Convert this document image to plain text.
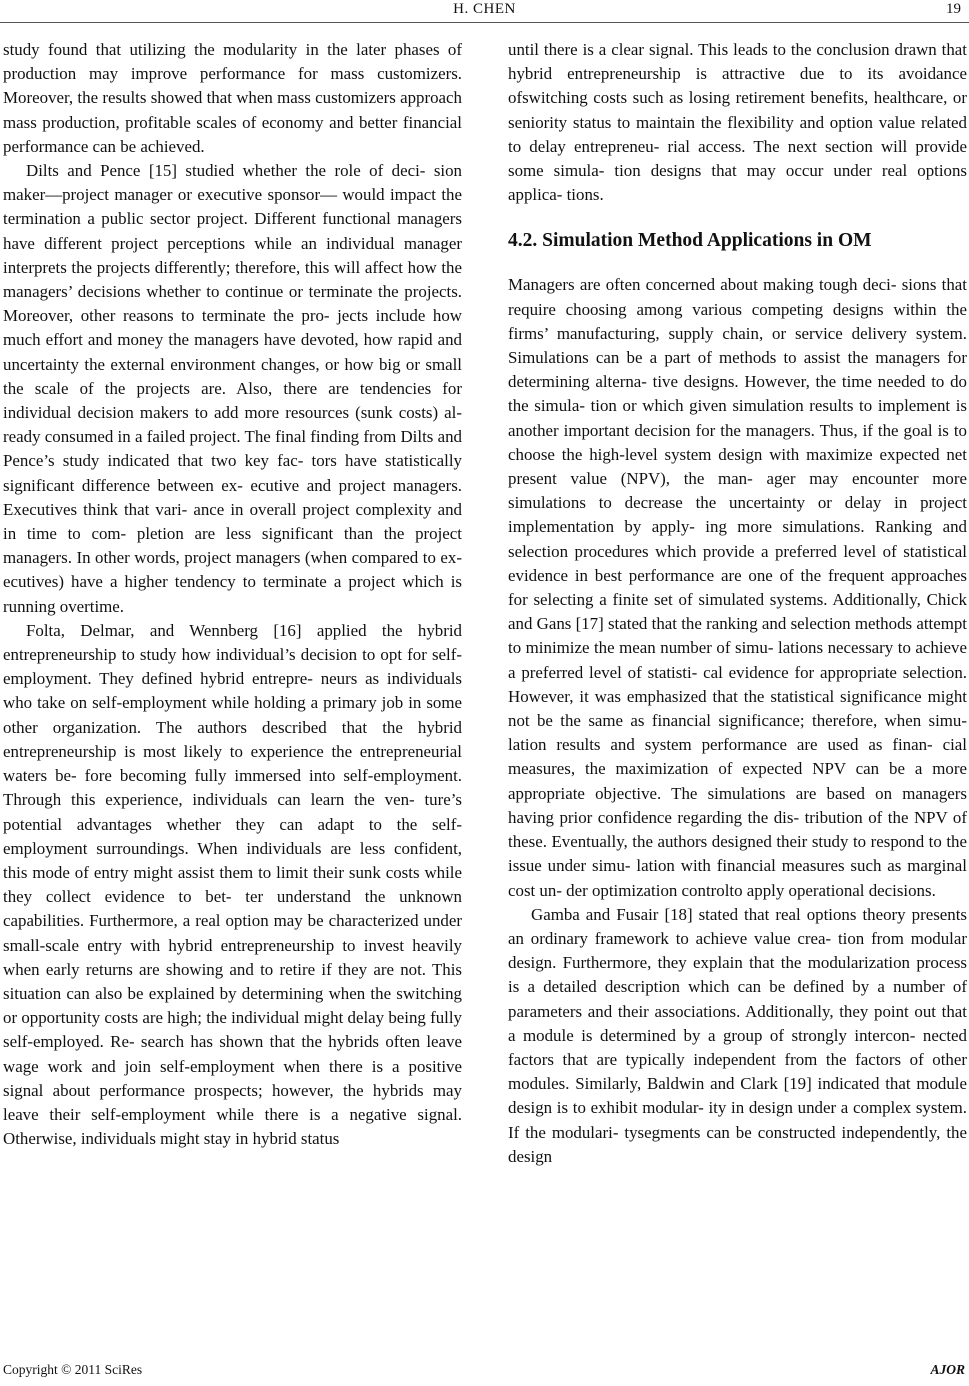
H. CHEN	19

study found that utilizing the modularity in the later phases of production may improve performance for mass customizers. Moreover, the results showed that when mass customizers approach mass production, profitable scales of economy and better financial performance can be achieved.

Dilts and Pence [15] studied whether the role of deci- sion maker—project manager or executive sponsor— would impact the termination a public sector project. Different functional managers have different project perceptions while an individual manager interprets the projects differently; therefore, this will affect how the managers’ decisions whether to continue or terminate the projects. Moreover, other reasons to terminate the pro- jects include how much effort and money the managers have devoted, how rapid and uncertainty the external environment changes, or how big or small the scale of the projects are. Also, there are tendencies for individual decision makers to add more resources (sunk costs) al- ready consumed in a failed project. The final finding from Dilts and Pence’s study indicated that two key fac- tors have statistically significant difference between ex- ecutive and project managers. Executives think that vari- ance in overall project complexity and in time to com- pletion are less significant than the project managers. In other words, project managers (when compared to ex- ecutives) have a higher tendency to terminate a project which is running overtime.

Folta, Delmar, and Wennberg [16] applied the hybrid entrepreneurship to study how individual’s decision to opt for self-employment. They defined hybrid entrepre- neurs as individuals who take on self-employment while holding a primary job in some other organization. The authors described that the hybrid entrepreneurship is most likely to experience the entrepreneurial waters be- fore becoming fully immersed into self-employment. Through this experience, individuals can learn the ven- ture’s potential advantages whether they can adapt to the self-employment surroundings. When individuals are less confident, this mode of entry might assist them to limit their sunk costs while they collect evidence to bet- ter understand the unknown capabilities. Furthermore, a real option may be characterized under small-scale entry with hybrid entrepreneurship to invest heavily when early returns are showing and to retire if they are not. This situation can also be explained by determining when the switching or opportunity costs are high; the individual might delay being fully self-employed. Re- search has shown that the hybrids often leave wage work and join self-employment when there is a positive signal about performance prospects; however, the hybrids may leave their self-employment while there is a negative signal. Otherwise, individuals might stay in hybrid status

until there is a clear signal. This leads to the conclusion drawn that hybrid entrepreneurship is attractive due to its avoidance ofswitching costs such as losing retirement benefits, healthcare, or seniority status to maintain the flexibility and option value related to delay entrepreneu- rial access. The next section will provide some simula- tion designs that may occur under real options applica- tions.

4.2. Simulation Method Applications in OM

Managers are often concerned about making tough deci- sions that require choosing among various competing designs within the firms’ manufacturing, supply chain, or service delivery system. Simulations can be a part of methods to assist the managers for determining alterna- tive designs. However, the time needed to do the simula- tion or which given simulation results to implement is another important decision for the managers. Thus, if the goal is to choose the high-level system design with maximize expected net present value (NPV), the man- ager may encounter more simulations to decrease the uncertainty or delay in project implementation by apply- ing more simulations. Ranking and selection procedures which provide a preferred level of statistical evidence in best performance are one of the frequent approaches for selecting a finite set of simulated systems. Additionally, Chick and Gans [17] stated that the ranking and selection methods attempt to minimize the mean number of simu- lations necessary to achieve a preferred level of statisti- cal evidence for appropriate selection. However, it was emphasized that the statistical significance might not be the same as financial significance; therefore, when simu- lation results and system performance are used as finan- cial measures, the maximization of expected NPV can be a more appropriate objective. The simulations are based on managers having prior confidence regarding the dis- tribution of the NPV of these. Eventually, the authors designed their study to respond to the issue under simu- lation with financial measures such as marginal cost un- der optimization controlto apply operational decisions.

Gamba and Fusair [18] stated that real options theory presents an ordinary framework to achieve value crea- tion from modular design. Furthermore, they explain that the modularization process is a detailed description which can be defined by a number of parameters and their associations. Additionally, they point out that a module is determined by a group of strongly intercon- nected factors that are typically independent from the factors of other modules. Similarly, Baldwin and Clark [19] indicated that module design is to exhibit modular- ity in design under a complex system. If the modulari- tysegments can be constructed independently, the design

Copyright © 2011 SciRes	AJOR
